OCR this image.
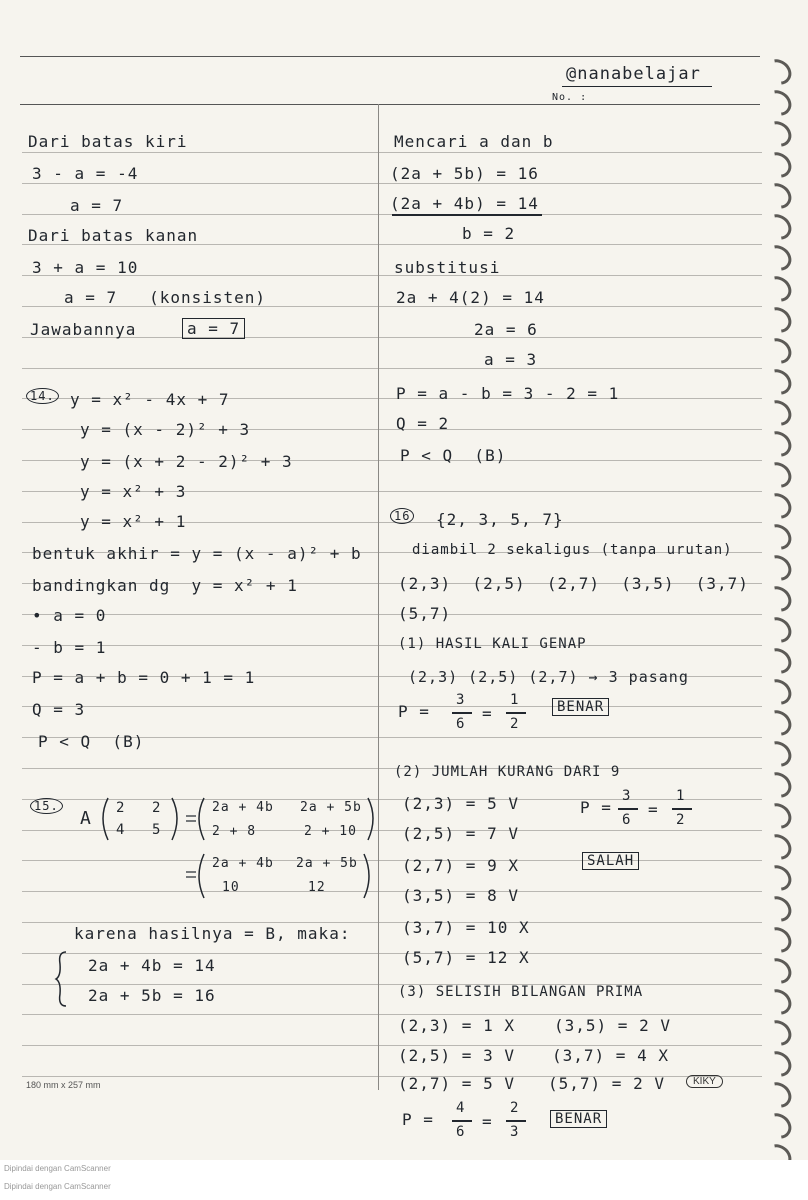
@nanabelajar
No. :
Dari batas kiri
3 - a = -4
a = 7
Dari batas kanan
3 + a = 10
a = 7   (konsisten)
Jawabannya	a = 7
14. y = x² - 4x + 7
y = (x - 2)² + 3
y = (x + 2 - 2)² + 3
y = x² + 3
y = x² + 1
bentuk akhir = y = (x - a)² + b
bandingkan dg  y = x² + 1
• a = 0
- b = 1
P = a + b = 0 + 1 = 1
Q = 3
P < Q  (B)
15.
A 2 2
4 5
2a + 4b 2a + 5b
2 + 8	2 + 10
2a + 4b 2a + 5b
10	12
karena hasilnya = B, maka:
2a + 4b = 14
2a + 5b = 16
Mencari a dan b
(2a + 5b) = 16
(2a + 4b) = 14
b = 2
substitusi
2a + 4(2) = 14
2a = 6
a = 3
P = a - b = 3 - 2 = 1
Q = 2
P < Q  (B)
16 {2, 3, 5, 7}
diambil 2 sekaligus (tanpa urutan)
(2,3)  (2,5)  (2,7)  (3,5)  (3,7)
(5,7)
(1) HASIL KALI GENAP
(2,3) (2,5) (2,7) → 3 pasang
P =
3
6
1
2
=	BENAR
(2) JUMLAH KURANG DARI 9
(2,3) = 5 V
(2,5) = 7 V
(2,7) = 9 X
(3,5) = 8 V
(3,7) = 10 X
(5,7) = 12 X
P =
3
6
1
2
=
SALAH
(3) SELISIH BILANGAN PRIMA
(2,3) = 1 X (3,5) = 2 V
(2,5) = 3 V (3,7) = 4 X
(2,7) = 5 V (5,7) = 2 V
P =
4
6
2
3
=	BENAR
180 mm x 257 mm	KIKY
Dipindai dengan CamScanner
Dipindai dengan CamScanner
